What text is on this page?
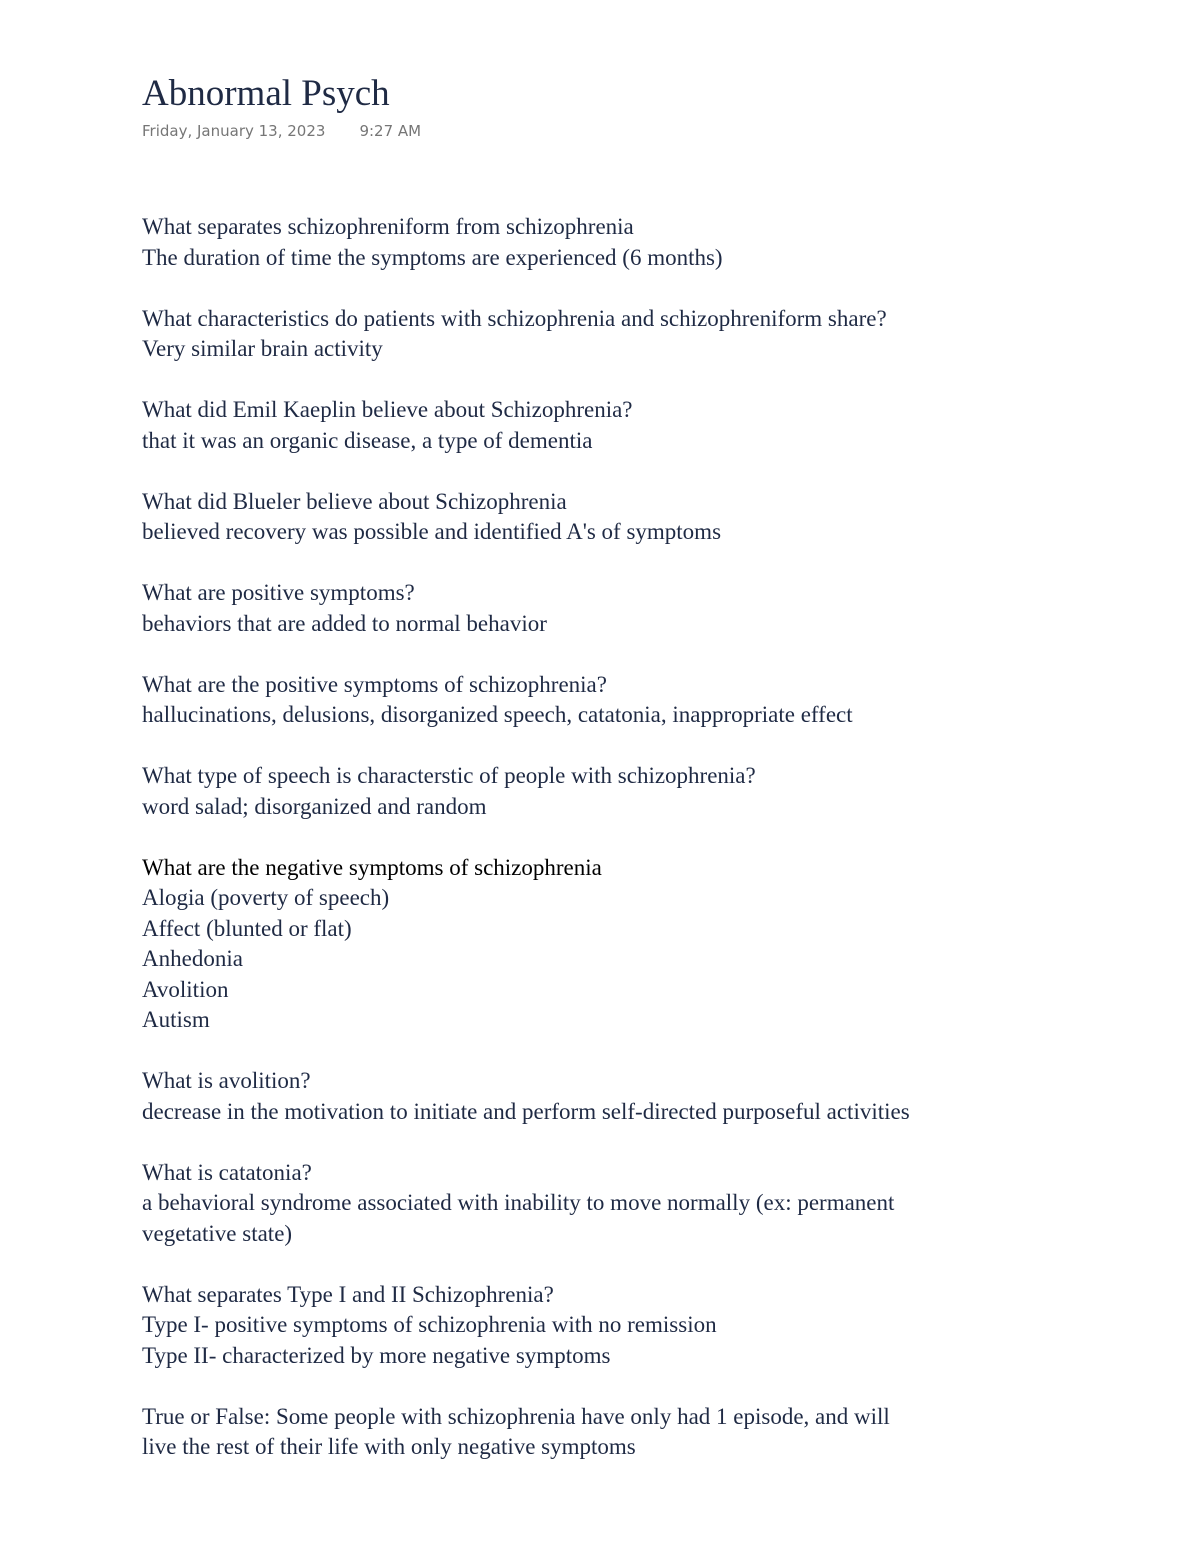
Abnormal Psych
Friday, January 13, 2023 9:27 AM
What separates schizophreniform from schizophrenia
The duration of time the symptoms are experienced (6 months)
What characteristics do patients with schizophrenia and schizophreniform share?
Very similar brain activity
What did Emil Kaeplin believe about Schizophrenia?
that it was an organic disease, a type of dementia
What did Blueler believe about Schizophrenia
believed recovery was possible and identified A's of symptoms
What are positive symptoms?
behaviors that are added to normal behavior
What are the positive symptoms of schizophrenia?
hallucinations, delusions, disorganized speech, catatonia, inappropriate effect
What type of speech is characterstic of people with schizophrenia?
word salad; disorganized and random
What are the negative symptoms of schizophrenia
Alogia (poverty of speech)
Affect (blunted or flat)
Anhedonia
Avolition
Autism
What is avolition?
decrease in the motivation to initiate and perform self-directed purposeful activities
What is catatonia?
a behavioral syndrome associated with inability to move normally (ex: permanent
vegetative state)
What separates Type I and II Schizophrenia?
Type I- positive symptoms of schizophrenia with no remission
Type II- characterized by more negative symptoms
True or False: Some people with schizophrenia have only had 1 episode, and will
live the rest of their life with only negative symptoms
